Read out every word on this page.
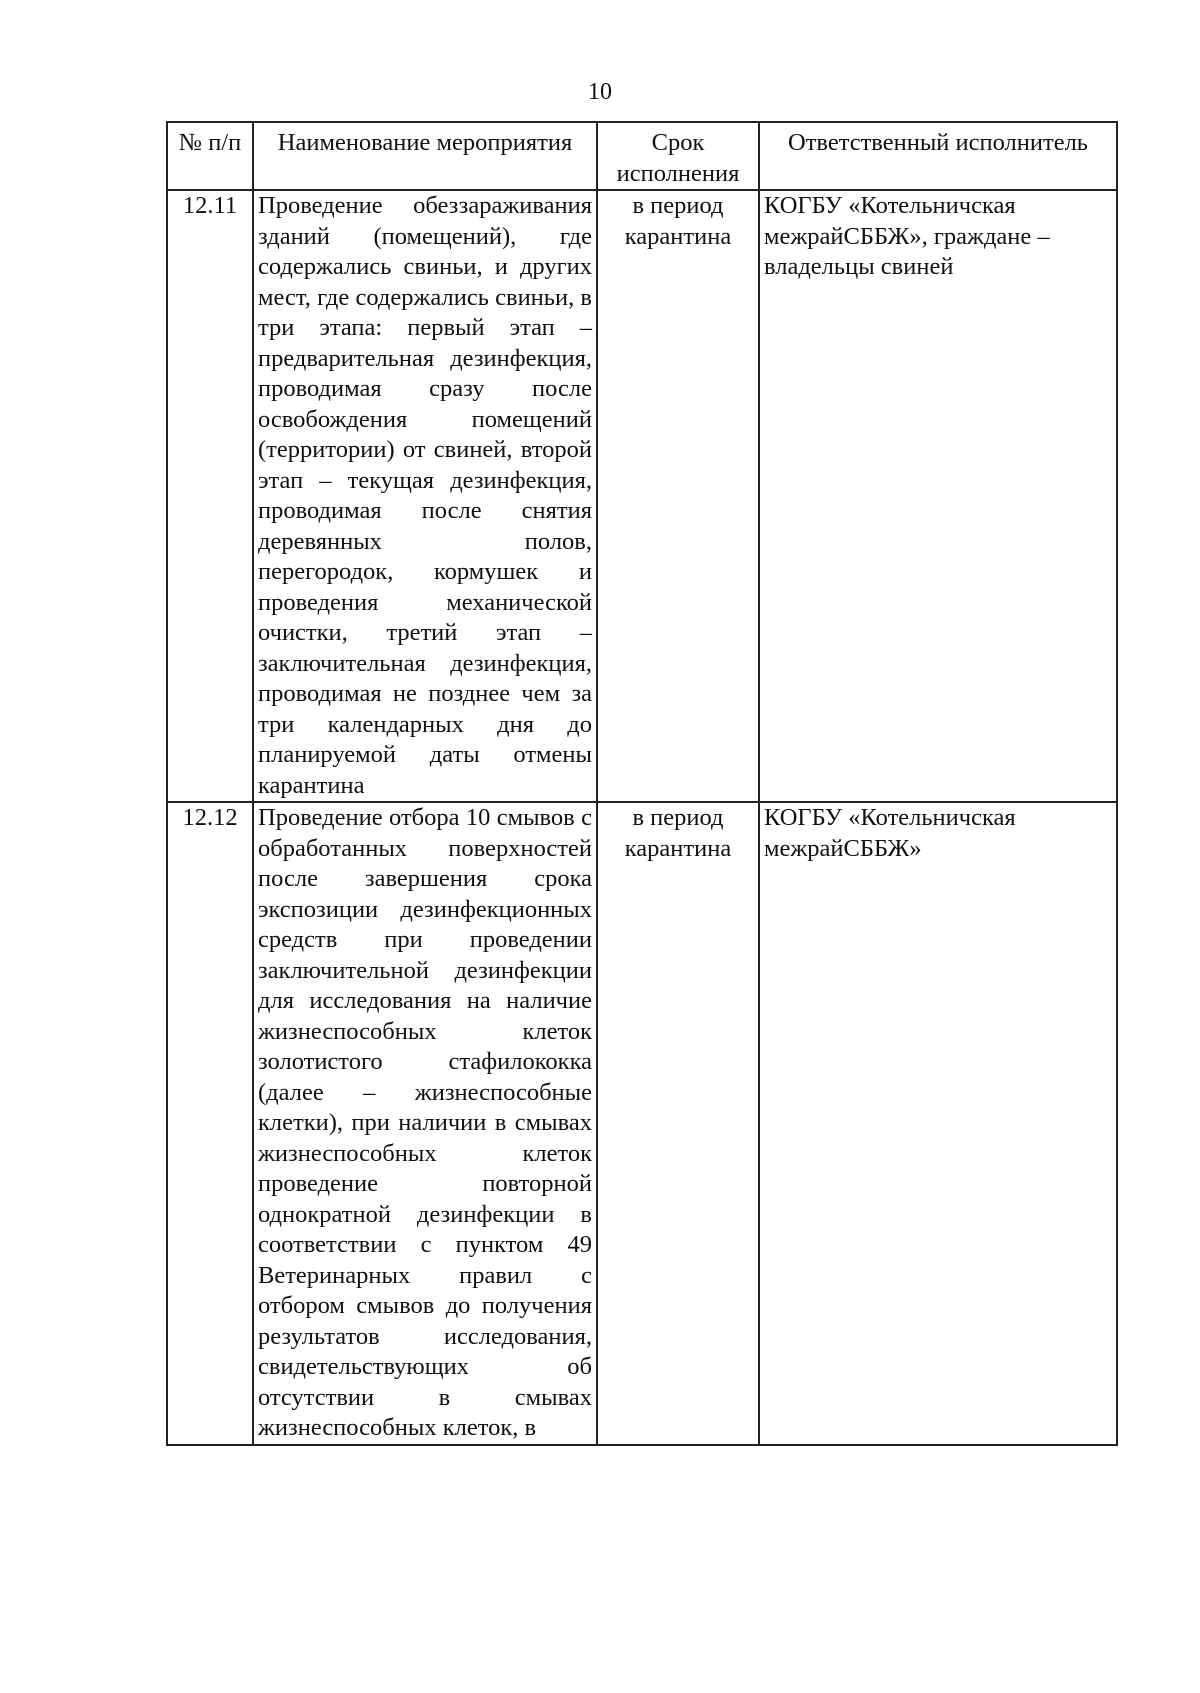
10
№ п/п	Наименование мероприятия	Срок исполнения	Ответственный исполнитель
12.11	Проведение обеззараживания зданий (помещений), где содержались свиньи, и других мест, где содержались свиньи, в три этапа: первый этап – предварительная дезинфекция, проводимая сразу после освобождения помещений (территории) от свиней, второй этап – текущая дезинфекция, проводимая после снятия деревянных полов, перегородок, кормушек и проведения механической очистки, третий этап – заключительная дезинфекция, проводимая не позднее чем за три календарных дня до планируемой даты отмены карантина	в период карантина	КОГБУ «Котельничская межрайСББЖ», граждане – владельцы свиней
12.12	Проведение отбора 10 смывов с обработанных поверхностей после завершения срока экспозиции дезинфекционных средств при проведении заключительной дезинфекции для исследования на наличие жизнеспособных клеток золотистого стафилококка (далее – жизнеспособные клетки), при наличии в смывах жизнеспособных клеток проведение повторной однократной дезинфекции в соответствии с пунктом 49 Ветеринарных правил с отбором смывов до получения результатов исследования, свидетельствующих об отсутствии в смывах жизнеспособных клеток, в	в период карантина	КОГБУ «Котельничская межрайСББЖ»
